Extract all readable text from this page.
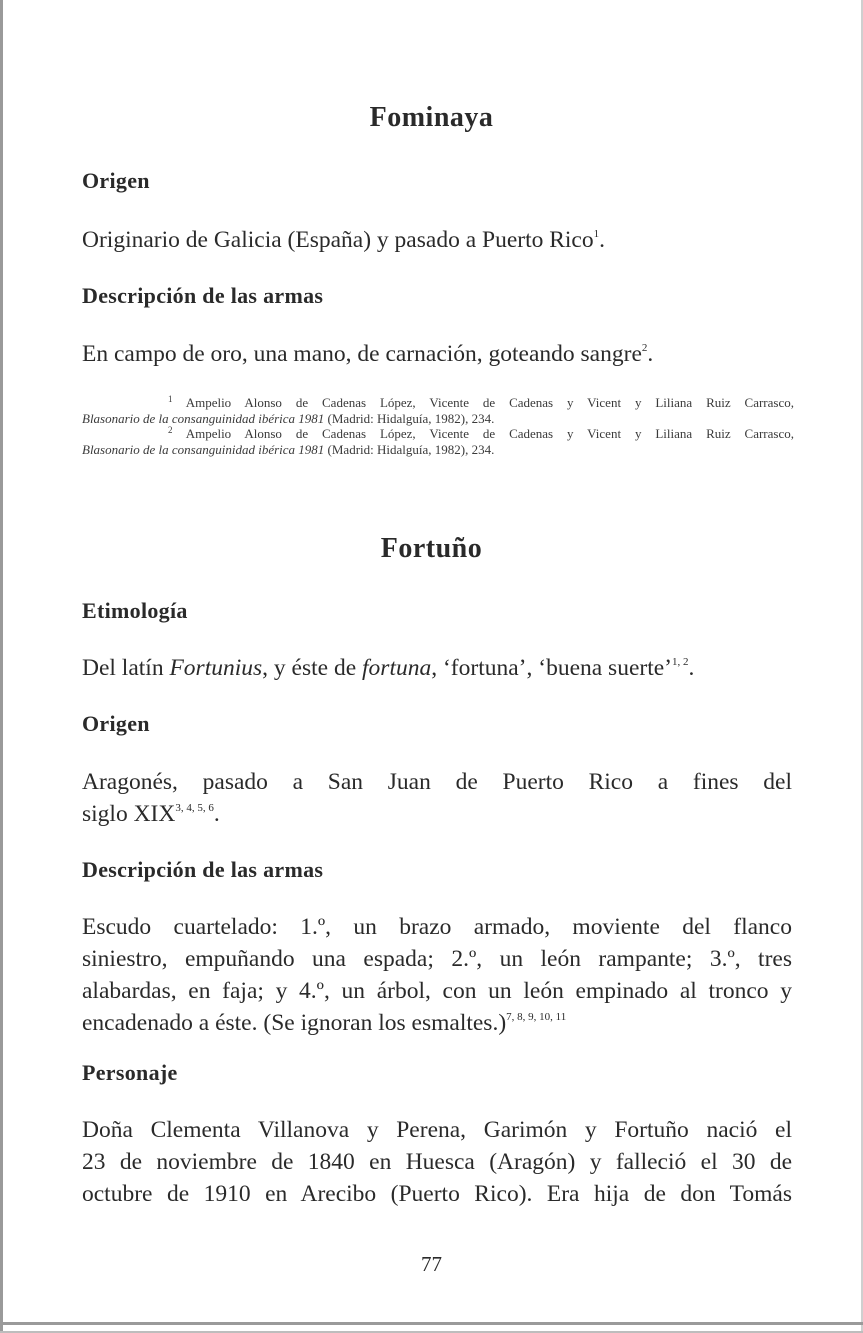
Fominaya
Origen
Originario de Galicia (España) y pasado a Puerto Rico$^1$.
Descripción de las armas
En campo de oro, una mano, de carnación, goteando sangre$^2$.
$^1$ Ampelio Alonso de Cadenas López, Vicente de Cadenas y Vicent y Liliana Ruiz Carrasco,
Blasonario de la consanguinidad ibérica 1981 (Madrid: Hidalguía, 1982), 234.
$^2$ Ampelio Alonso de Cadenas López, Vicente de Cadenas y Vicent y Liliana Ruiz Carrasco,
Blasonario de la consanguinidad ibérica 1981 (Madrid: Hidalguía, 1982), 234.
Fortuño
Etimología
Del latín Fortunius, y éste de fortuna, ‘fortuna’, ‘buena suerte’$^{1, 2}$.
Origen
Aragonés, pasado a San Juan de Puerto Rico a fines del
siglo XIX$^{3, 4, 5, 6}$.
Descripción de las armas
Escudo cuartelado: 1.º, un brazo armado, moviente del flanco
siniestro, empuñando una espada; 2.º, un león rampante; 3.º, tres
alabardas, en faja; y 4.º, un árbol, con un león empinado al tronco y
encadenado a éste. (Se ignoran los esmaltes.)$^{7, 8, 9, 10, 11}$
Personaje
Doña Clementa Villanova y Perena, Garimón y Fortuño nació el
23 de noviembre de 1840 en Huesca (Aragón) y falleció el 30 de
octubre de 1910 en Arecibo (Puerto Rico). Era hija de don Tomás
77
